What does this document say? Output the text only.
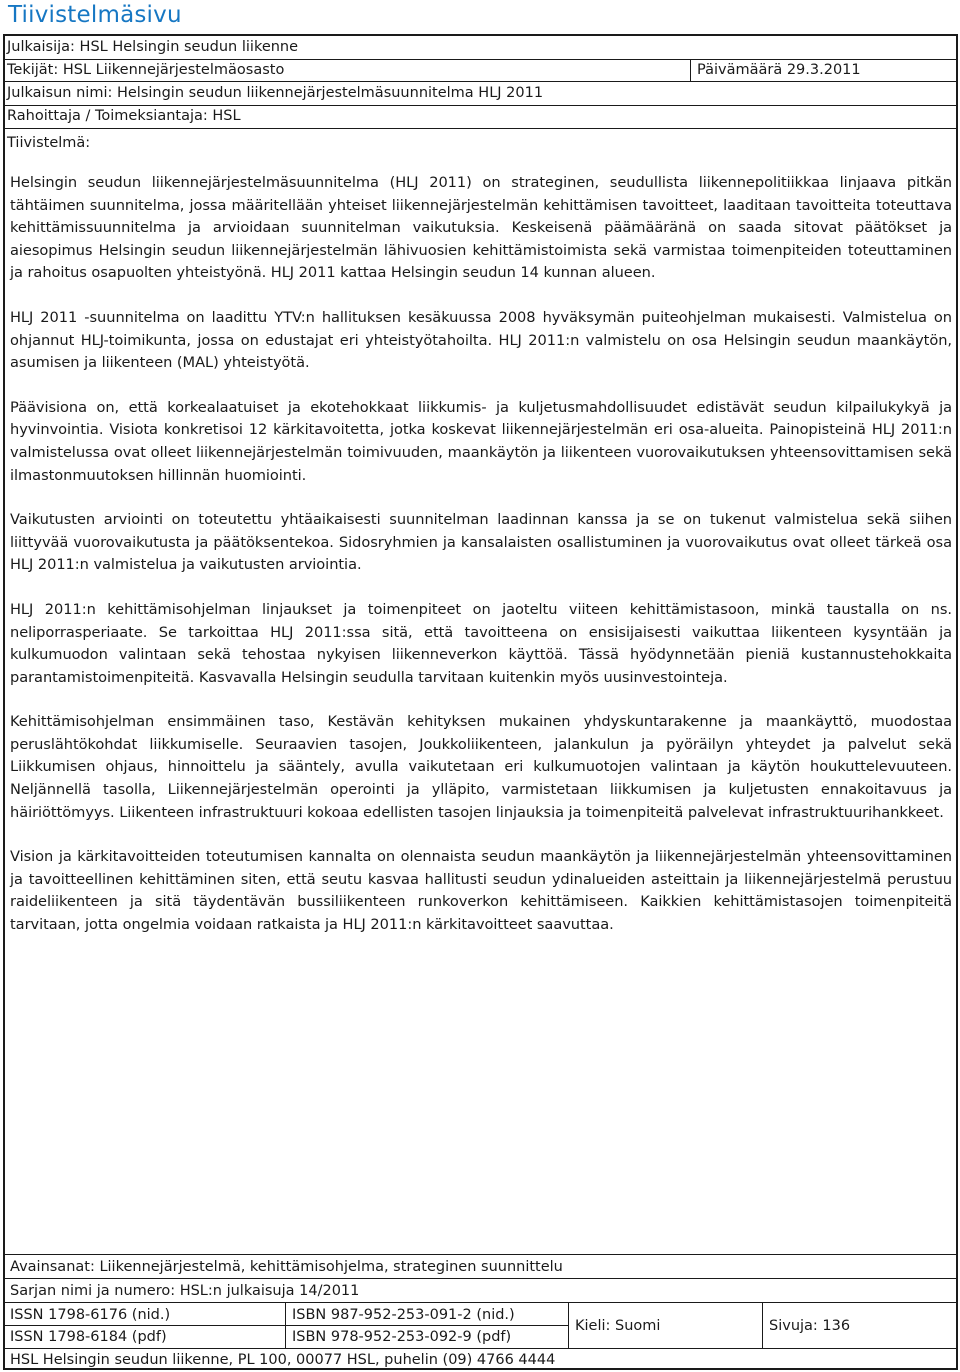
Tiivistelmäsivu
Julkaisija: HSL Helsingin seudun liikenne
Tekijät: HSL Liikennejärjestelmäosasto	Päivämäärä 29.3.2011
Julkaisun nimi: Helsingin seudun liikennejärjestelmäsuunnitelma HLJ 2011
Rahoittaja / Toimeksiantaja: HSL
Tiivistelmä:

Helsingin seudun liikennejärjestelmäsuunnitelma (HLJ 2011) on strateginen, seudullista liikennepolitiikkaa linjaava pitkän tähtäimen suunnitelma, jossa määritellään yhteiset liikennejärjestelmän kehittämisen tavoitteet, laaditaan tavoitteita toteuttava kehittämissuunnitelma ja arvioidaan suunnitelman vaikutuksia. Keskeisenä päämääränä on saada sitovat päätökset ja aiesopimus Helsingin seudun liikennejärjestelmän lähivuosien kehittämistoimista sekä varmistaa toimenpiteiden toteuttaminen ja rahoitus osapuolten yhteistyönä. HLJ 2011 kattaa Helsingin seudun 14 kunnan alueen.

HLJ 2011 -suunnitelma on laadittu YTV:n hallituksen kesäkuussa 2008 hyväksymän puiteohjelman mukaisesti. Valmistelua on ohjannut HLJ-toimikunta, jossa on edustajat eri yhteistyötahoilta. HLJ 2011:n valmistelu on osa Helsingin seudun maankäytön, asumisen ja liikenteen (MAL) yhteistyötä.

Päävisiona on, että korkealaatuiset ja ekotehokkaat liikkumis- ja kuljetusmahdollisuudet edistävät seudun kilpailukykyä ja hyvinvointia. Visiota konkretisoi 12 kärkitavoitetta, jotka koskevat liikennejärjestelmän eri osa-alueita. Painopisteinä HLJ 2011:n valmistelussa ovat olleet liikennejärjestelmän toimivuuden, maankäytön ja liikenteen vuorovaikutuksen yhteensovittamisen sekä ilmastonmuutoksen hillinnän huomiointi.

Vaikutusten arviointi on toteutettu yhtäaikaisesti suunnitelman laadinnan kanssa ja se on tukenut valmistelua sekä siihen liittyvää vuorovaikutusta ja päätöksentekoa. Sidosryhmien ja kansalaisten osallistuminen ja vuorovaikutus ovat olleet tärkeä osa HLJ 2011:n valmistelua ja vaikutusten arviointia.

HLJ 2011:n kehittämisohjelman linjaukset ja toimenpiteet on jaoteltu viiteen kehittämistasoon, minkä taustalla on ns. neliporrasperiaate. Se tarkoittaa HLJ 2011:ssa sitä, että tavoitteena on ensisijaisesti vaikuttaa liikenteen kysyntään ja kulkumuodon valintaan sekä tehostaa nykyisen liikenneverkon käyttöä. Tässä hyödynnetään pieniä kustannustehokkaita parantamistoimenpiteitä. Kasvavalla Helsingin seudulla tarvitaan kuitenkin myös uusinvestointeja.

Kehittämisohjelman ensimmäinen taso, Kestävän kehityksen mukainen yhdyskuntarakenne ja maankäyttö, muodostaa peruslähtökohdat liikkumiselle. Seuraavien tasojen, Joukkoliikenteen, jalankulun ja pyöräilyn yhteydet ja palvelut sekä Liikkumisen ohjaus, hinnoittelu ja sääntely, avulla vaikutetaan eri kulkumuotojen valintaan ja käytön houkuttelevuuteen. Neljännellä tasolla, Liikennejärjestelmän operointi ja ylläpito, varmistetaan liikkumisen ja kuljetusten ennakoitavuus ja häiriöttömyys. Liikenteen infrastruktuuri kokoaa edellisten tasojen linjauksia ja toimenpiteitä palvelevat infrastruktuurihankkeet.

Vision ja kärkitavoitteiden toteutumisen kannalta on olennaista seudun maankäytön ja liikennejärjestelmän yhteensovittaminen ja tavoitteellinen kehittäminen siten, että seutu kasvaa hallitusti seudun ydinalueiden asteittain ja liikennejärjestelmä perustuu raideliikenteen ja sitä täydentävän bussiliikenteen runkoverkon kehittämiseen. Kaikkien kehittämistasojen toimenpiteitä tarvitaan, jotta ongelmia voidaan ratkaista ja HLJ 2011:n kärkitavoitteet saavuttaa.

Avainsanat: Liikennejärjestelmä, kehittämisohjelma, strateginen suunnittelu
Sarjan nimi ja numero: HSL:n julkaisuja 14/2011
ISSN 1798-6176 (nid.)	ISBN 987-952-253-091-2 (nid.)
ISSN 1798-6184 (pdf)	ISBN 978-952-253-092-9 (pdf)
Kieli: Suomi	Sivuja: 136
HSL Helsingin seudun liikenne, PL 100, 00077 HSL, puhelin (09) 4766 4444
